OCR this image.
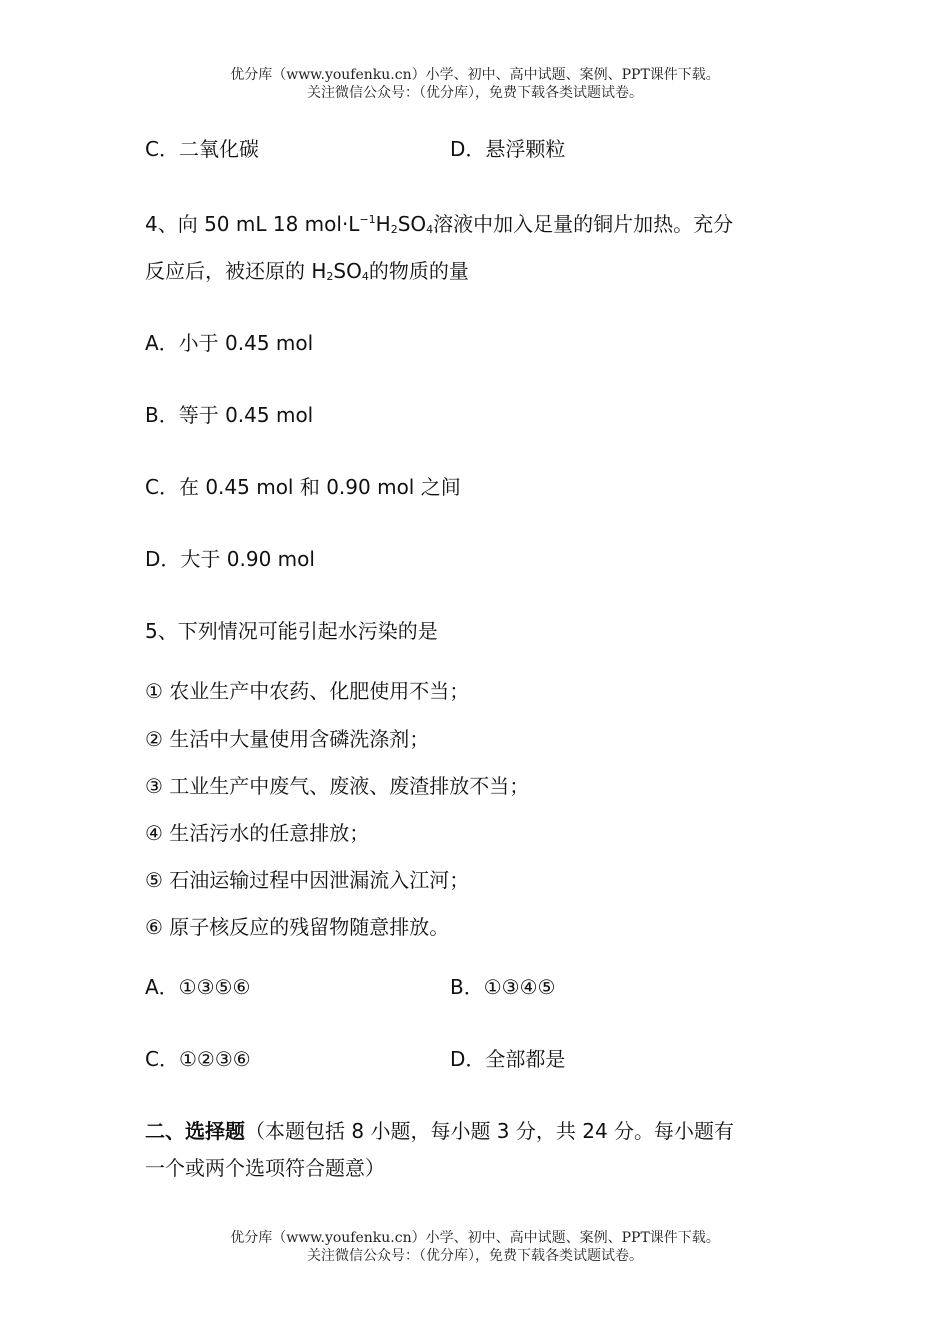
优分库（www.youfenku.cn）小学、初中、高中试题、案例、PPT课件下载。
关注微信公众号：（优分库），免费下载各类试题试卷。
C．二氧化碳	D．悬浮颗粒
4、向 50 mL 18 $mol\cdot L^{-1}H_2SO_4$溶液中加入足量的铜片加热。充分
反应后，被还原的 $H_2SO_4$的物质的量
A．小于 0.45 mol
B．等于 0.45 mol
C．在 0.45 mol 和 0.90 mol 之间
D．大于 0.90 mol
5、下列情况可能引起水污染的是
① 农业生产中农药、化肥使用不当；
② 生活中大量使用含磷洗涤剂；
③ 工业生产中废气、废液、废渣排放不当；
④ 生活污水的任意排放；
⑤ 石油运输过程中因泄漏流入江河；
⑥ 原子核反应的残留物随意排放。
A．①③⑤⑥	B．①③④⑤
C．①②③⑥	D．全部都是
二、选择题（本题包括 8 小题，每小题 3 分，共 24 分。每小题有
一个或两个选项符合题意）
优分库（www.youfenku.cn）小学、初中、高中试题、案例、PPT课件下载。
关注微信公众号：（优分库），免费下载各类试题试卷。
